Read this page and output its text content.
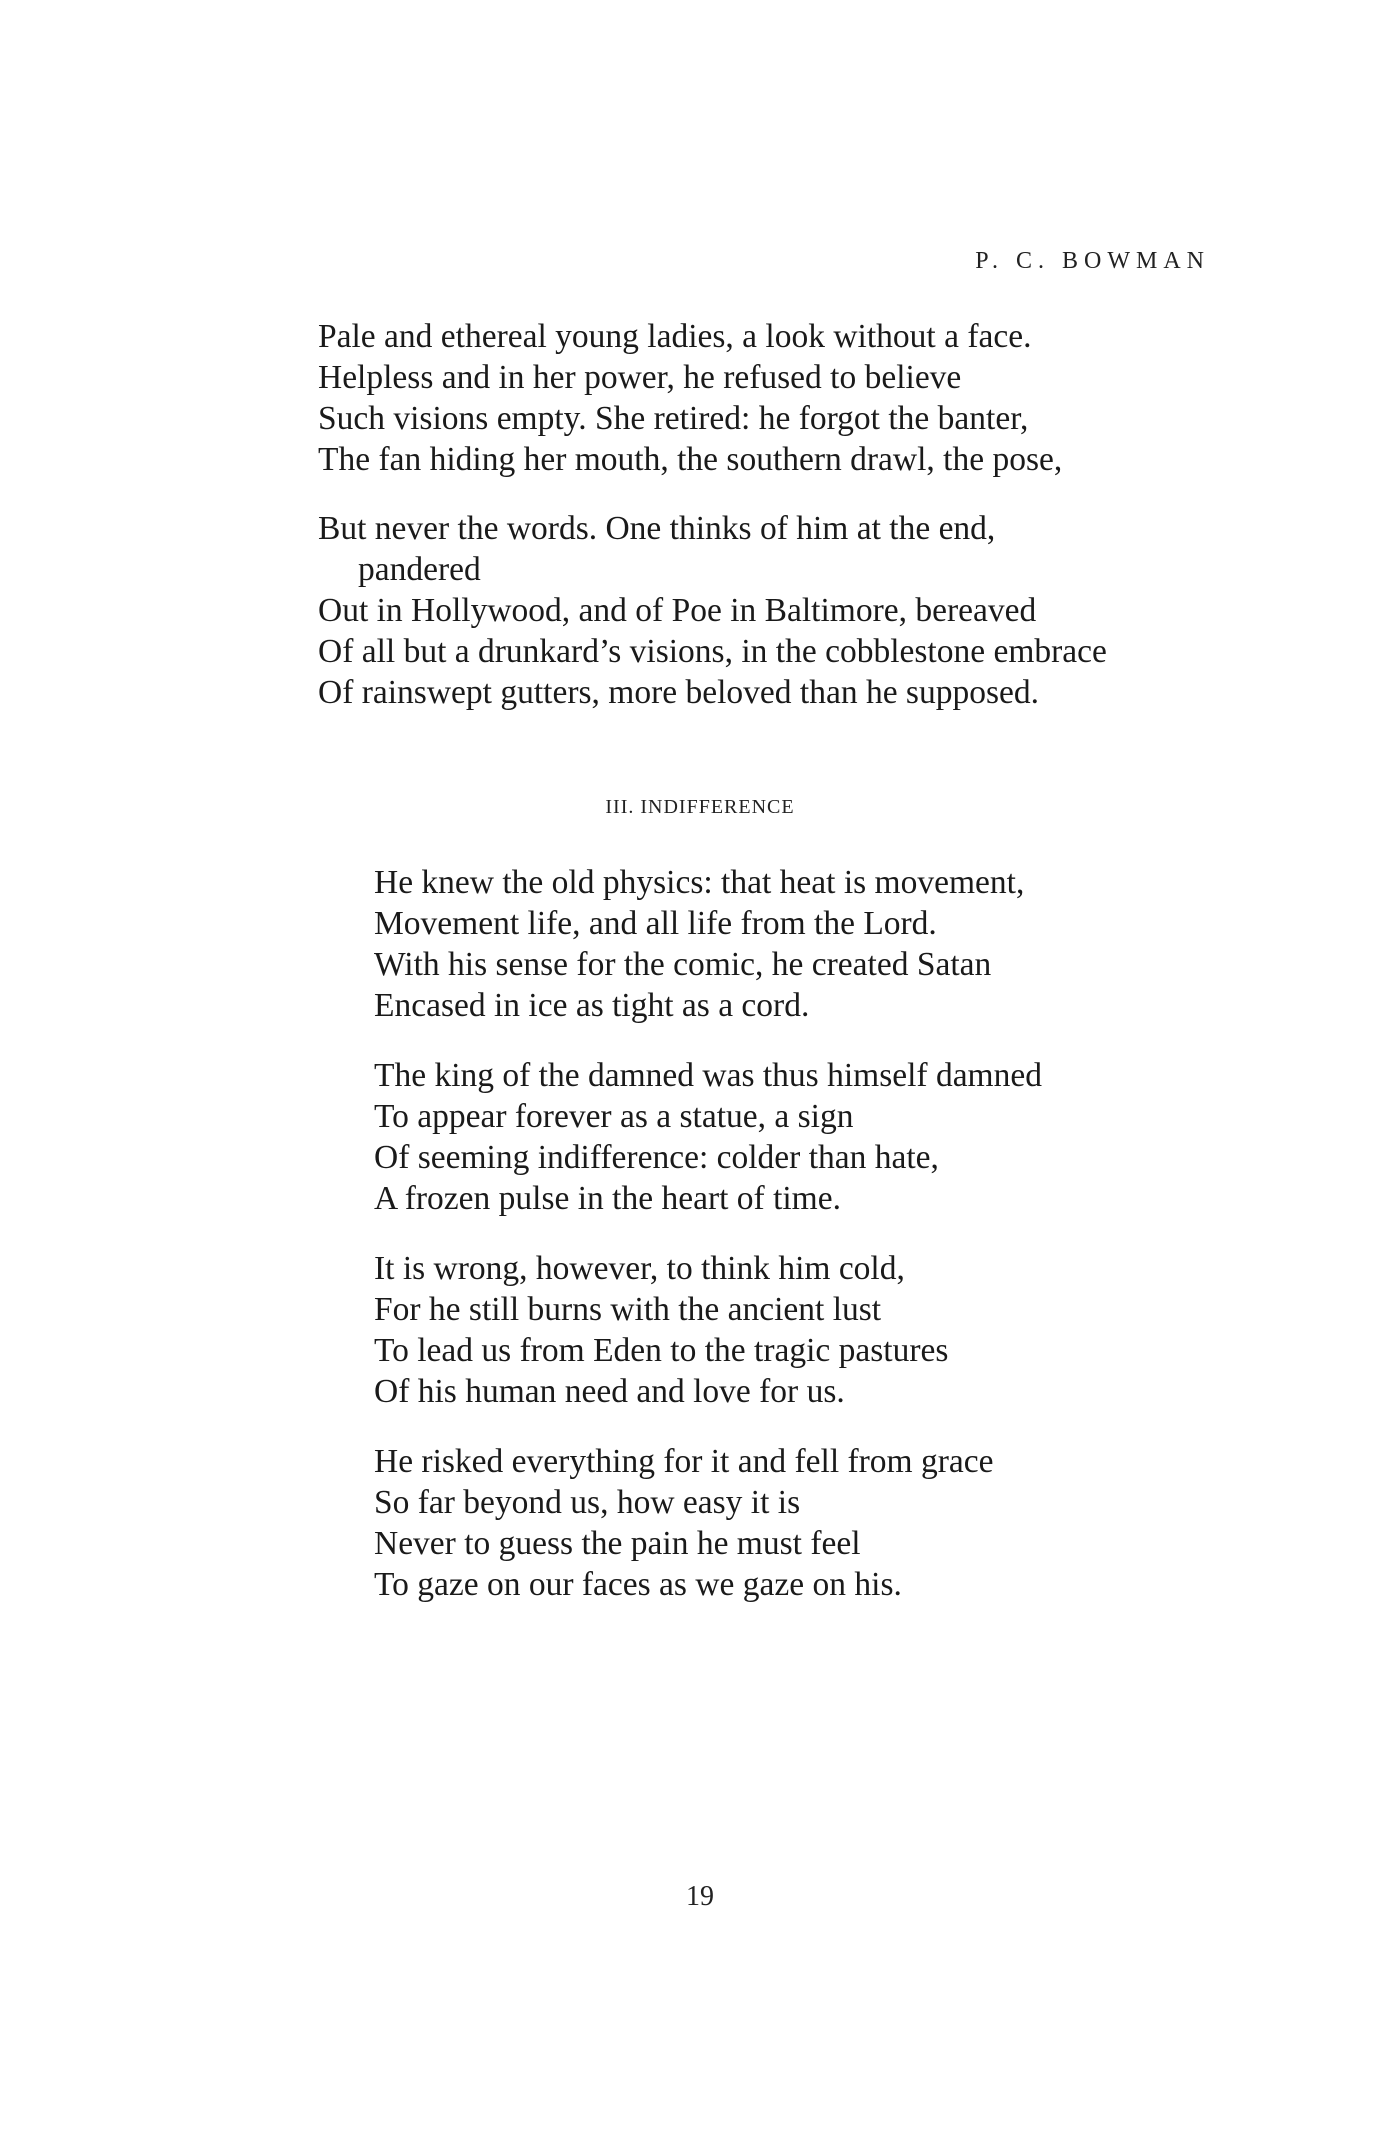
P. C. BOWMAN
Pale and ethereal young ladies, a look without a face.
Helpless and in her power, he refused to believe
Such visions empty. She retired: he forgot the banter,
The fan hiding her mouth, the southern drawl, the pose,
But never the words. One thinks of him at the end,
pandered
Out in Hollywood, and of Poe in Baltimore, bereaved
Of all but a drunkard’s visions, in the cobblestone embrace
Of rainswept gutters, more beloved than he supposed.
III. INDIFFERENCE
He knew the old physics: that heat is movement,
Movement life, and all life from the Lord.
With his sense for the comic, he created Satan
Encased in ice as tight as a cord.
The king of the damned was thus himself damned
To appear forever as a statue, a sign
Of seeming indifference: colder than hate,
A frozen pulse in the heart of time.
It is wrong, however, to think him cold,
For he still burns with the ancient lust
To lead us from Eden to the tragic pastures
Of his human need and love for us.
He risked everything for it and fell from grace
So far beyond us, how easy it is
Never to guess the pain he must feel
To gaze on our faces as we gaze on his.
19
